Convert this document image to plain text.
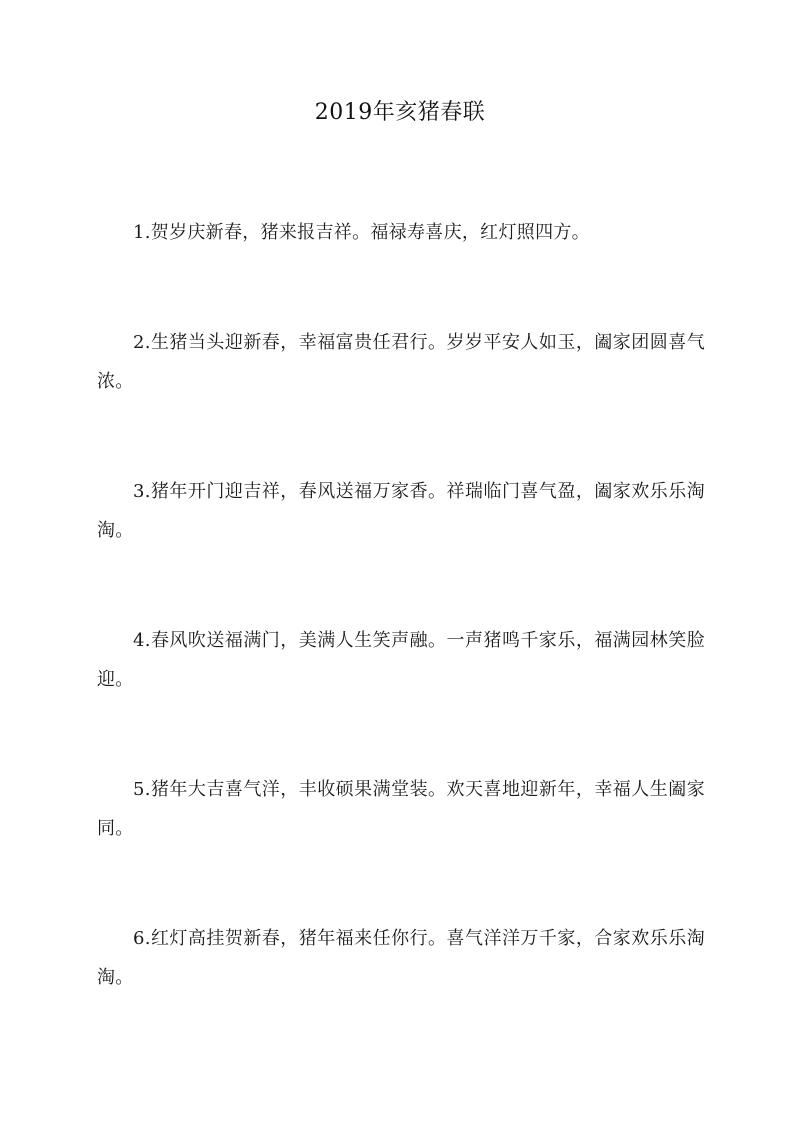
2019年亥猪春联

1.贺岁庆新春，猪来报吉祥。福禄寿喜庆，红灯照四方。

2.生猪当头迎新春，幸福富贵任君行。岁岁平安人如玉，阖家团圆喜气浓。

3.猪年开门迎吉祥，春风送福万家香。祥瑞临门喜气盈，阖家欢乐乐淘淘。

4.春风吹送福满门，美满人生笑声融。一声猪鸣千家乐，福满园林笑脸迎。

5.猪年大吉喜气洋，丰收硕果满堂装。欢天喜地迎新年，幸福人生阖家同。

6.红灯高挂贺新春，猪年福来任你行。喜气洋洋万千家，合家欢乐乐淘淘。
